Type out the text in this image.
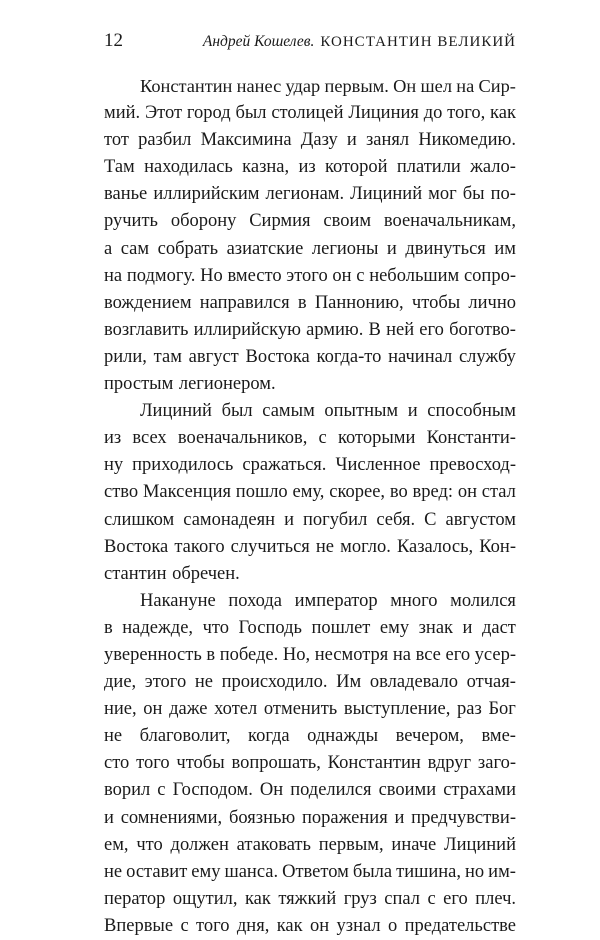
12	Андрей Кошелев. КОНСТАНТИН ВЕЛИКИЙ
Константин нанес удар первым. Он шел на Сир-
мий. Этот город был столицей Лициния до того, как
тот разбил Максимина Дазу и занял Никомедию.
Там находилась казна, из которой платили жало-
ванье иллирийским легионам. Лициний мог бы по-
ручить оборону Сирмия своим военачальникам,
а сам собрать азиатские легионы и двинуться им
на подмогу. Но вместо этого он с небольшим сопро-
вождением направился в Паннонию, чтобы лично
возглавить иллирийскую армию. В ней его боготво-
рили, там август Востока когда-то начинал службу
простым легионером.
Лициний был самым опытным и способным
из всех военачальников, с которыми Константи-
ну приходилось сражаться. Численное превосход-
ство Максенция пошло ему, скорее, во вред: он стал
слишком самонадеян и погубил себя. С августом
Востока такого случиться не могло. Казалось, Кон-
стантин обречен.
Накануне похода император много молился
в надежде, что Господь пошлет ему знак и даст
уверенность в победе. Но, несмотря на все его усер-
дие, этого не происходило. Им овладевало отчая-
ние, он даже хотел отменить выступление, раз Бог
не благоволит, когда однажды вечером, вме-
сто того чтобы вопрошать, Константин вдруг заго-
ворил с Господом. Он поделился своими страхами
и сомнениями, боязнью поражения и предчувстви-
ем, что должен атаковать первым, иначе Лициний
не оставит ему шанса. Ответом была тишина, но им-
ператор ощутил, как тяжкий груз спал с его плеч.
Впервые с того дня, как он узнал о предательстве
